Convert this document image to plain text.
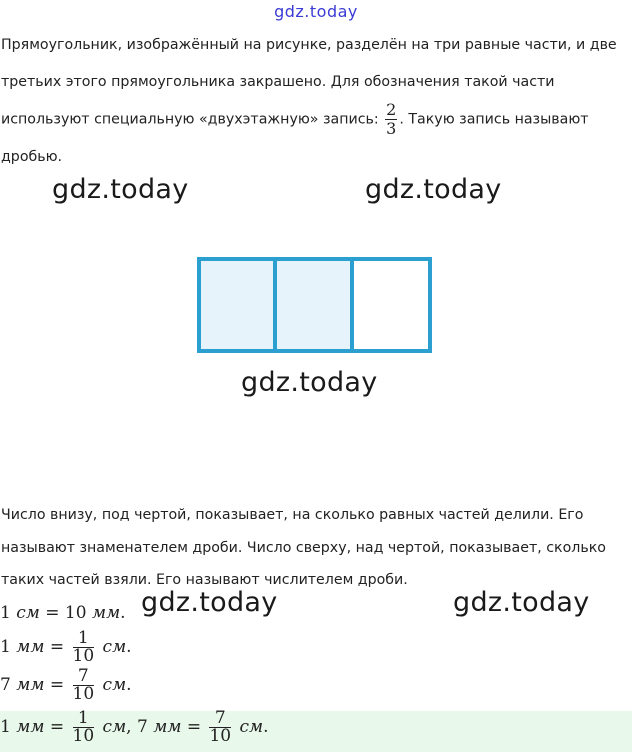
gdz.today
Прямоугольник, изображённый на рисунке, разделён на три равные части, и две третьих этого прямоугольника закрашено. Для обозначения такой части используют специальную «двухэтажную» запись: $\frac{2}{3}$ . Такую запись называют дробью.
gdz.today	gdz.today
gdz.today
Число внизу, под чертой, показывает, на сколько равных частей делили. Его называют знаменателем дроби. Число сверху, над чертой, показывает, сколько таких частей взяли. Его называют числителем дроби.
gdz.today	gdz.today
1 см = 10 мм.
1 мм = $\frac{1}{10}$ см.
7 мм = $\frac{7}{10}$ см.
1 мм = $\frac{1}{10}$ см, 7 мм = $\frac{7}{10}$ см.
